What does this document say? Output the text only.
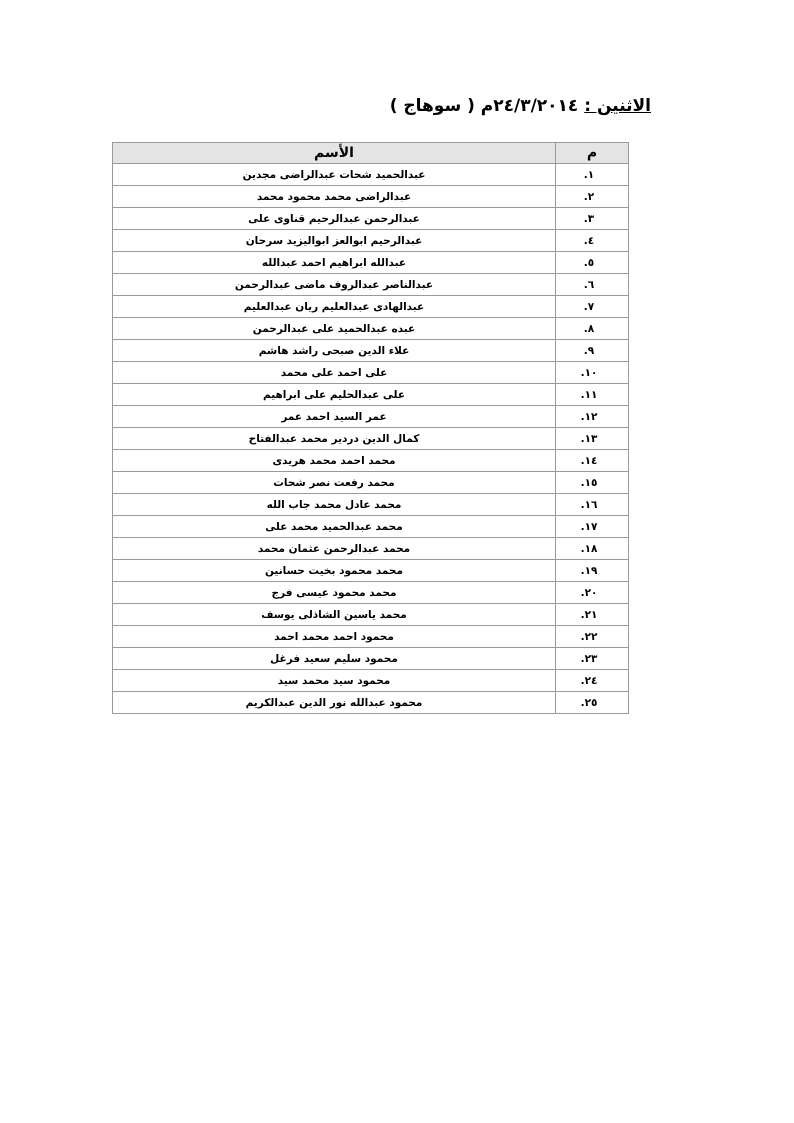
الاثنين : ٢٤/٣/٢٠١٤م ( سوهاج )
م	الأسم
١.	عبدالحميد شحات عبدالراضى مجدين
٢.	عبدالراضى محمد محمود محمد
٣.	عبدالرحمن عبدالرحيم قناوى على
٤.	عبدالرحيم ابوالعز ابواليزيد سرحان
٥.	عبدالله ابراهيم احمد عبدالله
٦.	عبدالناصر عبدالروف ماضى عبدالرحمن
٧.	عبدالهادى عبدالعليم ريان عبدالعليم
٨.	عبده عبدالحميد على عبدالرحمن
٩.	علاء الدين صبحى راشد هاشم
١٠.	على احمد على محمد
١١.	على عبدالحليم على ابراهيم
١٢.	عمر السيد احمد عمر
١٣.	كمال الدين دردير محمد عبدالفتاح
١٤.	محمد احمد محمد هريدى
١٥.	محمد رفعت نصر شحات
١٦.	محمد عادل محمد جاب الله
١٧.	محمد عبدالحميد محمد على
١٨.	محمد عبدالرحمن عثمان محمد
١٩.	محمد محمود بخيت حسانين
٢٠.	محمد محمود عيسى فرج
٢١.	محمد ياسين الشاذلى يوسف
٢٢.	محمود احمد محمد احمد
٢٣.	محمود سليم سعيد فرغل
٢٤.	محمود سيد محمد سيد
٢٥.	محمود عبدالله نور الدين عبدالكريم
